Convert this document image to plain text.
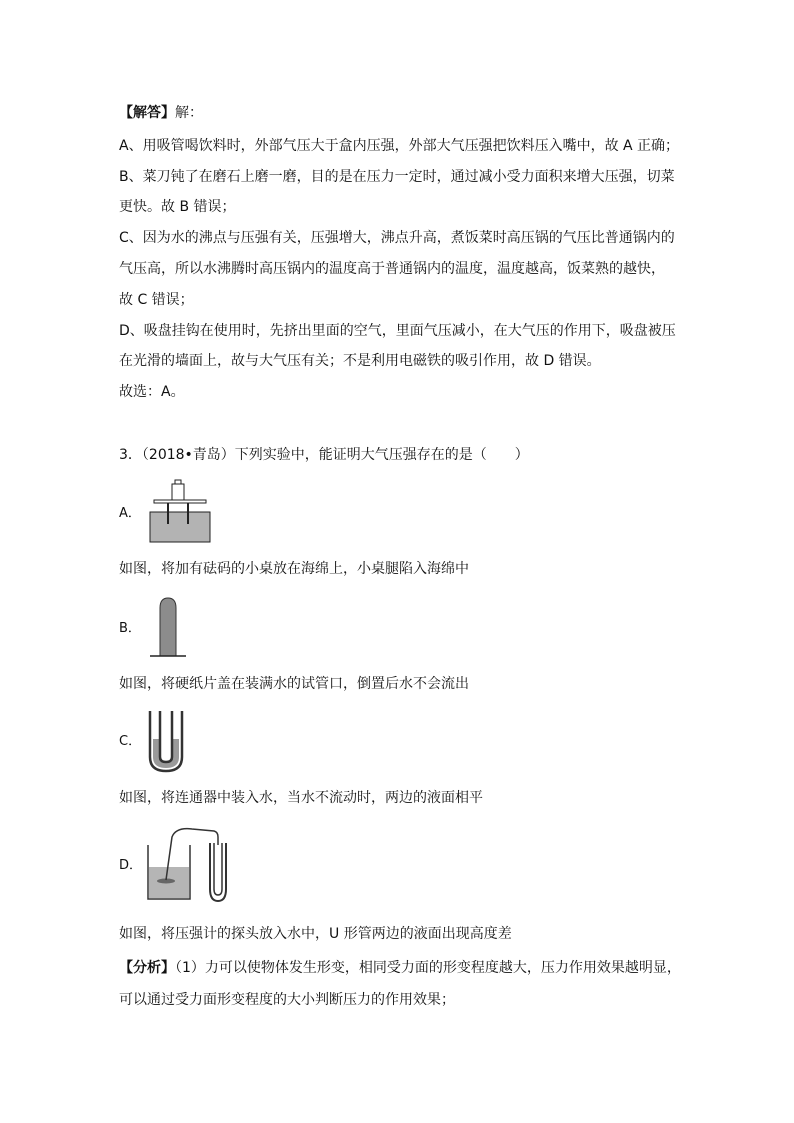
【解答】解：
A、用吸管喝饮料时，外部气压大于盒内压强，外部大气压强把饮料压入嘴中，故 A 正确；
B、菜刀钝了在磨石上磨一磨，目的是在压力一定时，通过减小受力面积来增大压强，切菜
更快。故 B 错误；
C、因为水的沸点与压强有关，压强增大，沸点升高，煮饭菜时高压锅的气压比普通锅内的
气压高，所以水沸腾时高压锅内的温度高于普通锅内的温度，温度越高，饭菜熟的越快，
故 C 错误；
D、吸盘挂钩在使用时，先挤出里面的空气，里面气压减小，在大气压的作用下，吸盘被压
在光滑的墙面上，故与大气压有关；不是利用电磁铁的吸引作用，故 D 错误。
故选：A。
3．（2018•青岛）下列实验中，能证明大气压强存在的是（　　）
A．
如图，将加有砝码的小桌放在海绵上，小桌腿陷入海绵中
B．
如图，将硬纸片盖在装满水的试管口，倒置后水不会流出
C．
如图，将连通器中装入水，当水不流动时，两边的液面相平
D．
如图，将压强计的探头放入水中，U 形管两边的液面出现高度差
【分析】（1）力可以使物体发生形变，相同受力面的形变程度越大，压力作用效果越明显，
可以通过受力面形变程度的大小判断压力的作用效果；
